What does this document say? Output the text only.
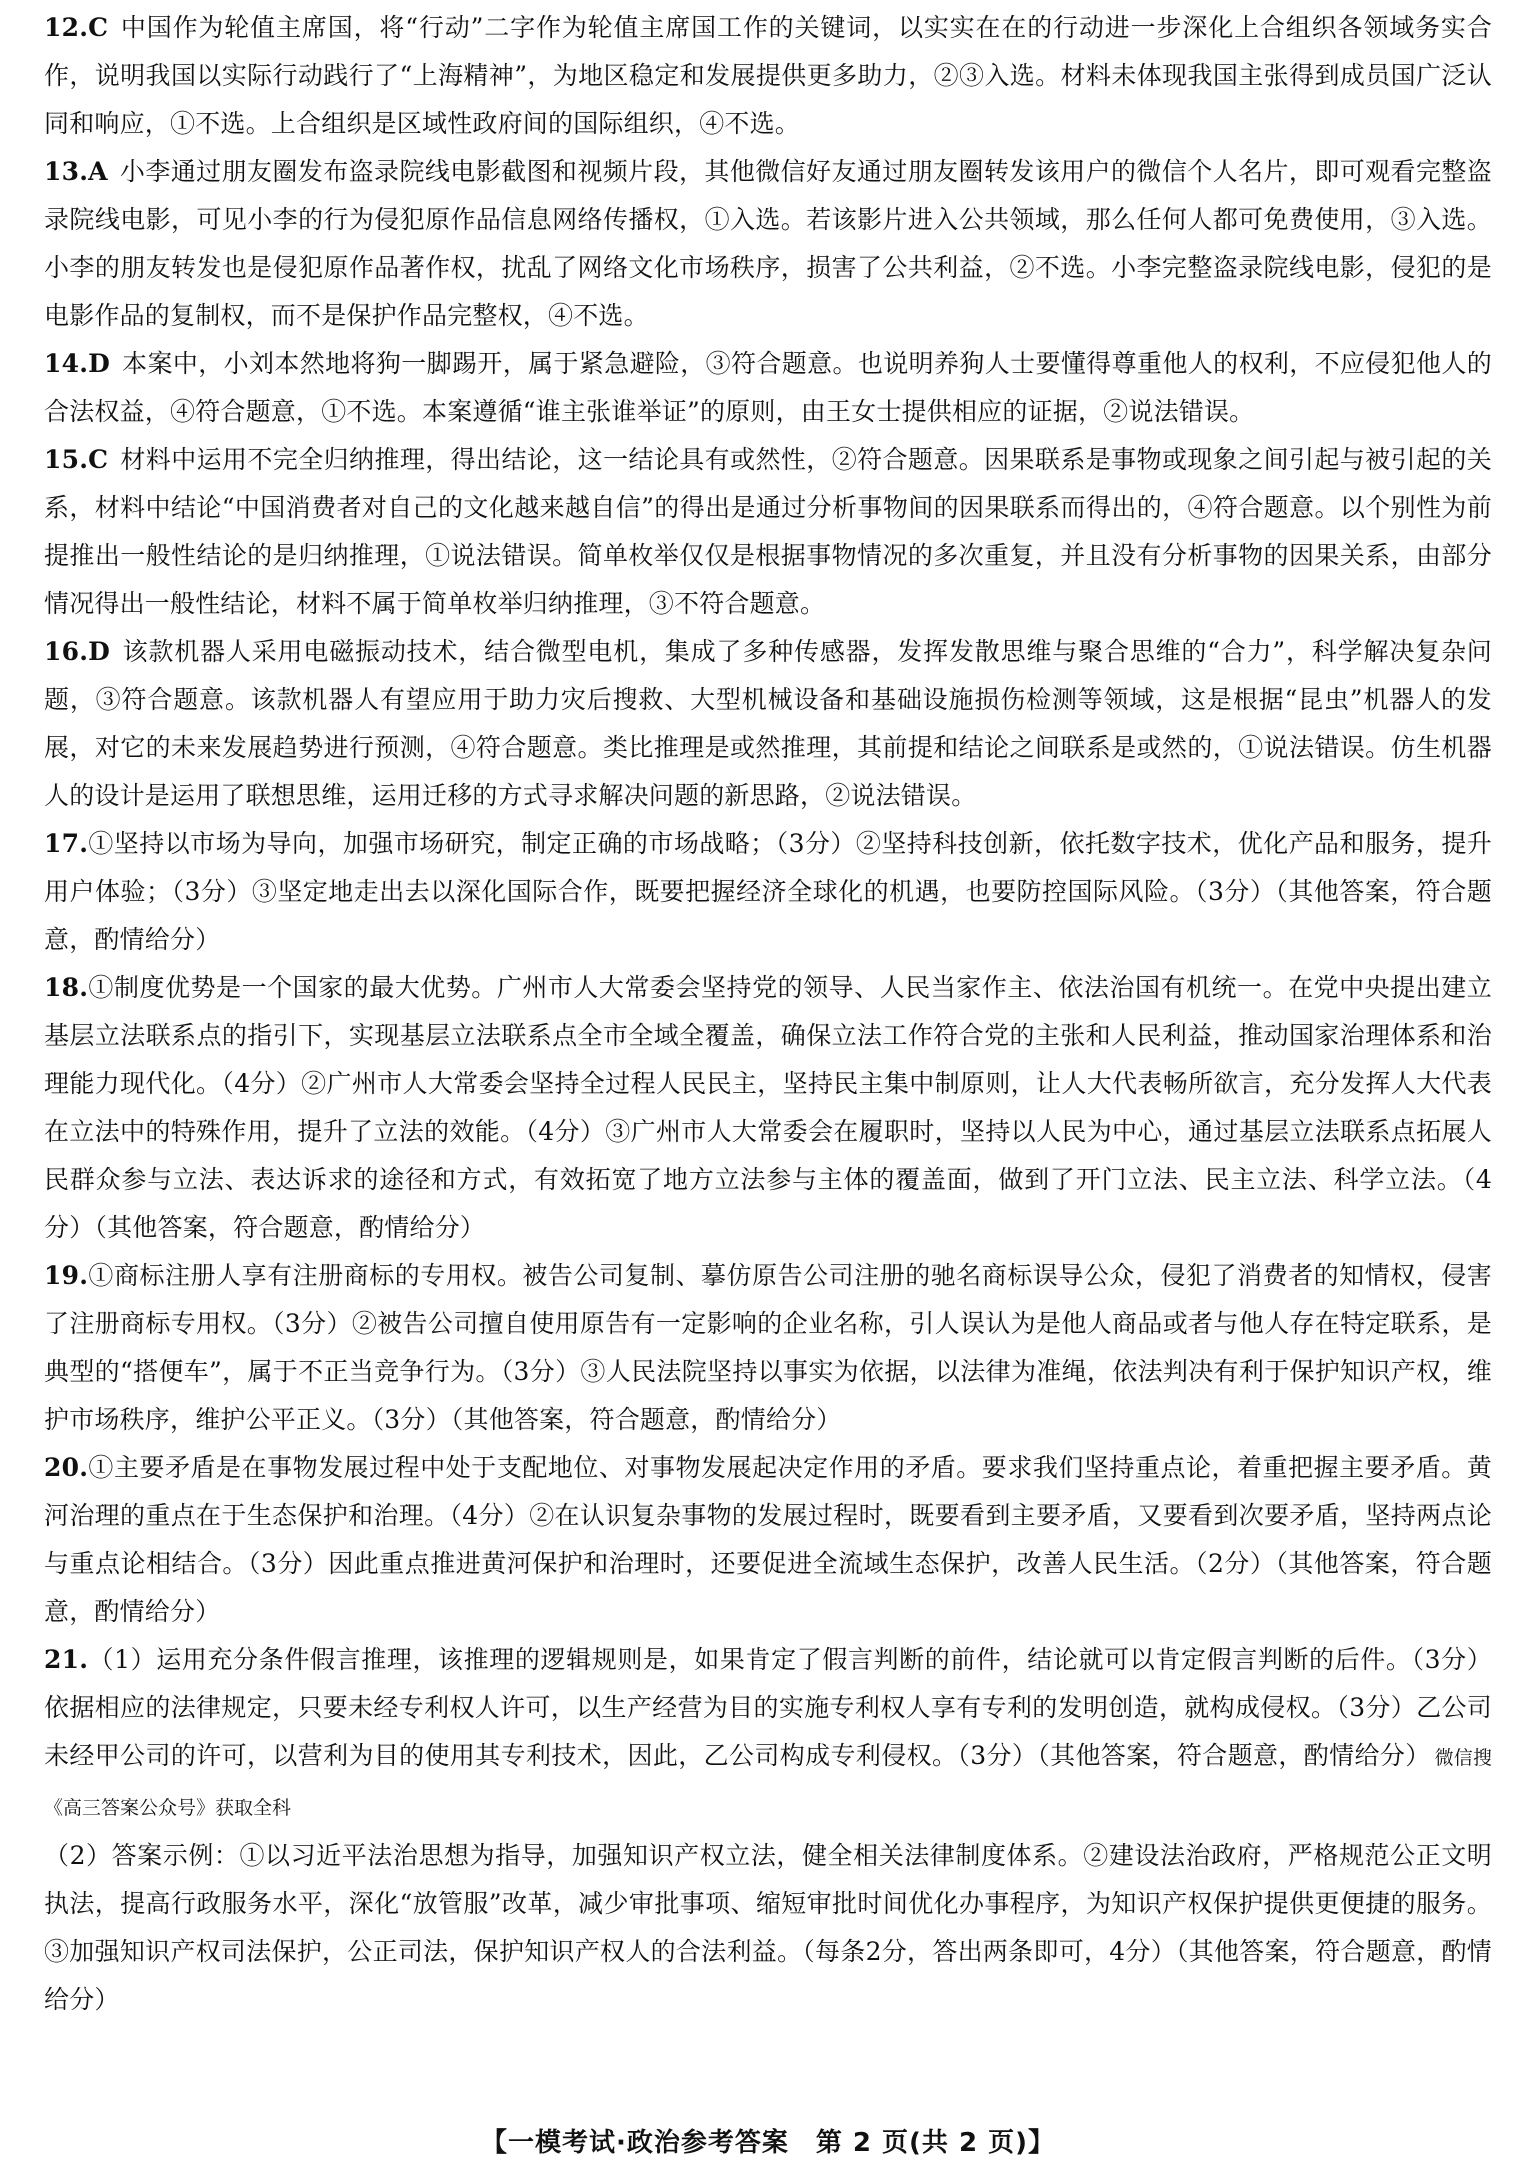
12.C 中国作为轮值主席国，将“行动”二字作为轮值主席国工作的关键词，以实实在在的行动进一步深化上合组织各领域务实合作，说明我国以实际行动践行了“上海精神”，为地区稳定和发展提供更多助力，②③入选。材料未体现我国主张得到成员国广泛认同和响应，①不选。上合组织是区域性政府间的国际组织，④不选。

13.A 小李通过朋友圈发布盗录院线电影截图和视频片段，其他微信好友通过朋友圈转发该用户的微信个人名片，即可观看完整盗录院线电影，可见小李的行为侵犯原作品信息网络传播权，①入选。若该影片进入公共领域，那么任何人都可免费使用，③入选。小李的朋友转发也是侵犯原作品著作权，扰乱了网络文化市场秩序，损害了公共利益，②不选。小李完整盗录院线电影，侵犯的是电影作品的复制权，而不是保护作品完整权，④不选。

14.D 本案中，小刘本然地将狗一脚踢开，属于紧急避险，③符合题意。也说明养狗人士要懂得尊重他人的权利，不应侵犯他人的合法权益，④符合题意，①不选。本案遵循“谁主张谁举证”的原则，由王女士提供相应的证据，②说法错误。

15.C 材料中运用不完全归纳推理，得出结论，这一结论具有或然性，②符合题意。因果联系是事物或现象之间引起与被引起的关系，材料中结论“中国消费者对自己的文化越来越自信”的得出是通过分析事物间的因果联系而得出的，④符合题意。以个别性为前提推出一般性结论的是归纳推理，①说法错误。简单枚举仅仅是根据事物情况的多次重复，并且没有分析事物的因果关系，由部分情况得出一般性结论，材料不属于简单枚举归纳推理，③不符合题意。

16.D 该款机器人采用电磁振动技术，结合微型电机，集成了多种传感器，发挥发散思维与聚合思维的“合力”，科学解决复杂问题，③符合题意。该款机器人有望应用于助力灾后搜救、大型机械设备和基础设施损伤检测等领域，这是根据“昆虫”机器人的发展，对它的未来发展趋势进行预测，④符合题意。类比推理是或然推理，其前提和结论之间联系是或然的，①说法错误。仿生机器人的设计是运用了联想思维，运用迁移的方式寻求解决问题的新思路，②说法错误。

17.①坚持以市场为导向，加强市场研究，制定正确的市场战略；（3分）②坚持科技创新，依托数字技术，优化产品和服务，提升用户体验；（3分）③坚定地走出去以深化国际合作，既要把握经济全球化的机遇，也要防控国际风险。（3分）（其他答案，符合题意，酌情给分）

18.①制度优势是一个国家的最大优势。广州市人大常委会坚持党的领导、人民当家作主、依法治国有机统一。在党中央提出建立基层立法联系点的指引下，实现基层立法联系点全市全域全覆盖，确保立法工作符合党的主张和人民利益，推动国家治理体系和治理能力现代化。（4分）②广州市人大常委会坚持全过程人民民主，坚持民主集中制原则，让人大代表畅所欲言，充分发挥人大代表在立法中的特殊作用，提升了立法的效能。（4分）③广州市人大常委会在履职时，坚持以人民为中心，通过基层立法联系点拓展人民群众参与立法、表达诉求的途径和方式，有效拓宽了地方立法参与主体的覆盖面，做到了开门立法、民主立法、科学立法。（4分）（其他答案，符合题意，酌情给分）

19.①商标注册人享有注册商标的专用权。被告公司复制、摹仿原告公司注册的驰名商标误导公众，侵犯了消费者的知情权，侵害了注册商标专用权。（3分）②被告公司擅自使用原告有一定影响的企业名称，引人误认为是他人商品或者与他人存在特定联系，是典型的“搭便车”，属于不正当竞争行为。（3分）③人民法院坚持以事实为依据，以法律为准绳，依法判决有利于保护知识产权，维护市场秩序，维护公平正义。（3分）（其他答案，符合题意，酌情给分）

20.①主要矛盾是在事物发展过程中处于支配地位、对事物发展起决定作用的矛盾。要求我们坚持重点论，着重把握主要矛盾。黄河治理的重点在于生态保护和治理。（4分）②在认识复杂事物的发展过程时，既要看到主要矛盾，又要看到次要矛盾，坚持两点论与重点论相结合。（3分）因此重点推进黄河保护和治理时，还要促进全流域生态保护，改善人民生活。（2分）（其他答案，符合题意，酌情给分）

21.（1）运用充分条件假言推理，该推理的逻辑规则是，如果肯定了假言判断的前件，结论就可以肯定假言判断的后件。（3分）依据相应的法律规定，只要未经专利权人许可，以生产经营为目的实施专利权人享有专利的发明创造，就构成侵权。（3分）乙公司未经甲公司的许可，以营利为目的使用其专利技术，因此，乙公司构成专利侵权。（3分）（其他答案，符合题意，酌情给分） 微信搜《高三答案公众号》获取全科

（2）答案示例：①以习近平法治思想为指导，加强知识产权立法，健全相关法律制度体系。②建设法治政府，严格规范公正文明执法，提高行政服务水平，深化“放管服”改革，减少审批事项、缩短审批时间优化办事程序，为知识产权保护提供更便捷的服务。③加强知识产权司法保护，公正司法，保护知识产权人的合法利益。（每条2分，答出两条即可，4分）（其他答案，符合题意，酌情给分）

【一模考试·政治参考答案　第 2 页(共 2 页)】
